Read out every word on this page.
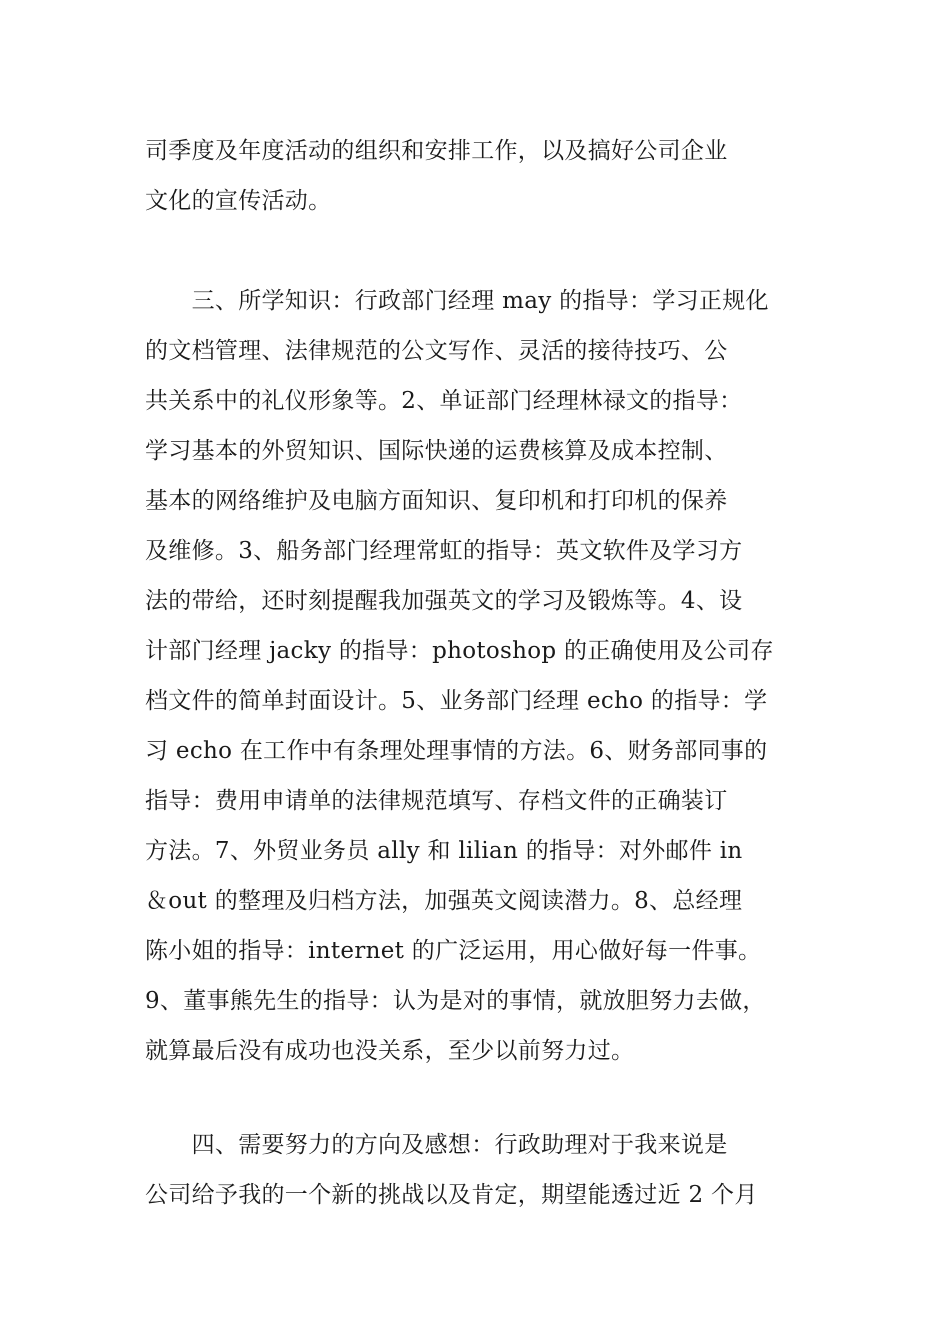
司季度及年度活动的组织和安排工作，以及搞好公司企业
文化的宣传活动。
　　三、所学知识：行政部门经理 may 的指导：学习正规化
的文档管理、法律规范的公文写作、灵活的接待技巧、公
共关系中的礼仪形象等。2、单证部门经理林禄文的指导：
学习基本的外贸知识、国际快递的运费核算及成本控制、
基本的网络维护及电脑方面知识、复印机和打印机的保养
及维修。3、船务部门经理常虹的指导：英文软件及学习方
法的带给，还时刻提醒我加强英文的学习及锻炼等。4、设
计部门经理 jacky 的指导：photoshop 的正确使用及公司存
档文件的简单封面设计。5、业务部门经理 echo 的指导：学
习 echo 在工作中有条理处理事情的方法。6、财务部同事的
指导：费用申请单的法律规范填写、存档文件的正确装订
方法。7、外贸业务员 ally 和 lilian 的指导：对外邮件 in
＆out 的整理及归档方法，加强英文阅读潜力。8、总经理
陈小姐的指导：internet 的广泛运用，用心做好每一件事。
9、董事熊先生的指导：认为是对的事情，就放胆努力去做，
就算最后没有成功也没关系，至少以前努力过。
　　四、需要努力的方向及感想：行政助理对于我来说是
公司给予我的一个新的挑战以及肯定，期望能透过近 2 个月
